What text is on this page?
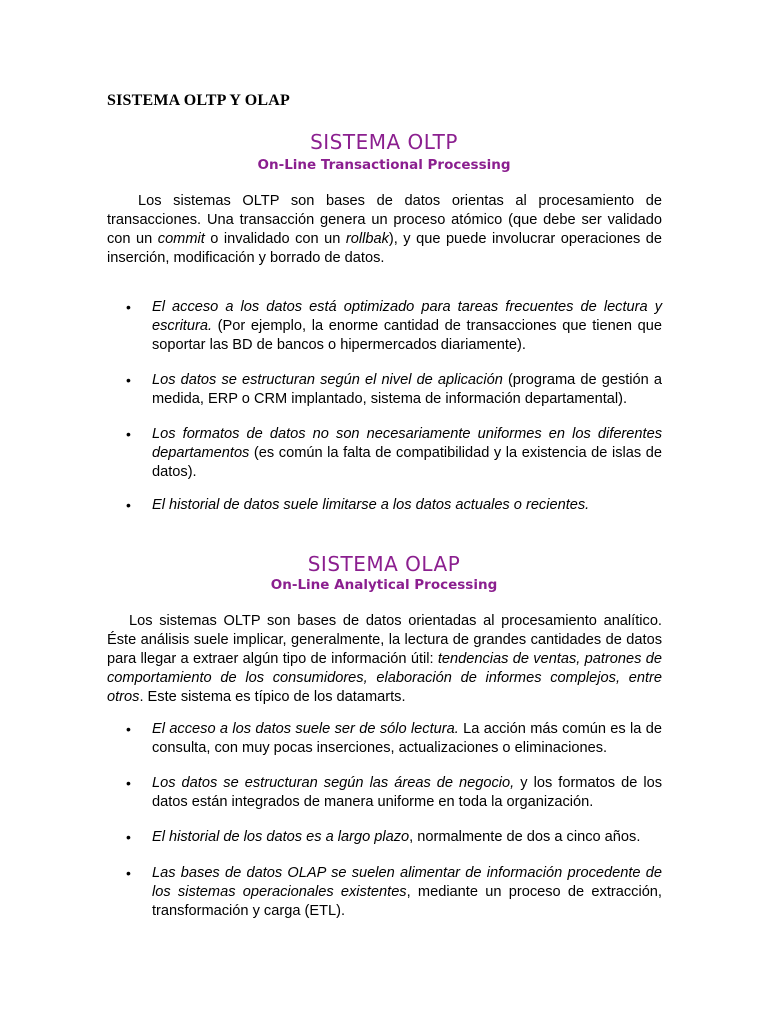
SISTEMA OLTP Y OLAP
SISTEMA OLTP
On-Line Transactional Processing

Los sistemas OLTP son bases de datos orientas al procesamiento de transacciones. Una transacción genera un proceso atómico (que debe ser validado con un commit o invalidado con un rollbak), y que puede involucrar operaciones de inserción, modificación y borrado de datos.

• El acceso a los datos está optimizado para tareas frecuentes de lectura y escritura. (Por ejemplo, la enorme cantidad de transacciones que tienen que soportar las BD de bancos o hipermercados diariamente).

• Los datos se estructuran según el nivel de aplicación (programa de gestión a medida, ERP o CRM implantado, sistema de información departamental).

• Los formatos de datos no son necesariamente uniformes en los diferentes departamentos (es común la falta de compatibilidad y la existencia de islas de datos).

• El historial de datos suele limitarse a los datos actuales o recientes.

SISTEMA OLAP
On-Line Analytical Processing

Los sistemas OLTP son bases de datos orientadas al procesamiento analítico. Éste análisis suele implicar, generalmente, la lectura de grandes cantidades de datos para llegar a extraer algún tipo de información útil: tendencias de ventas, patrones de comportamiento de los consumidores, elaboración de informes complejos, entre otros. Este sistema es típico de los datamarts.

• El acceso a los datos suele ser de sólo lectura. La acción más común es la de consulta, con muy pocas inserciones, actualizaciones o eliminaciones.

• Los datos se estructuran según las áreas de negocio, y los formatos de los datos están integrados de manera uniforme en toda la organización.

• El historial de los datos es a largo plazo, normalmente de dos a cinco años.

• Las bases de datos OLAP se suelen alimentar de información procedente de los sistemas operacionales existentes, mediante un proceso de extracción, transformación y carga (ETL).
